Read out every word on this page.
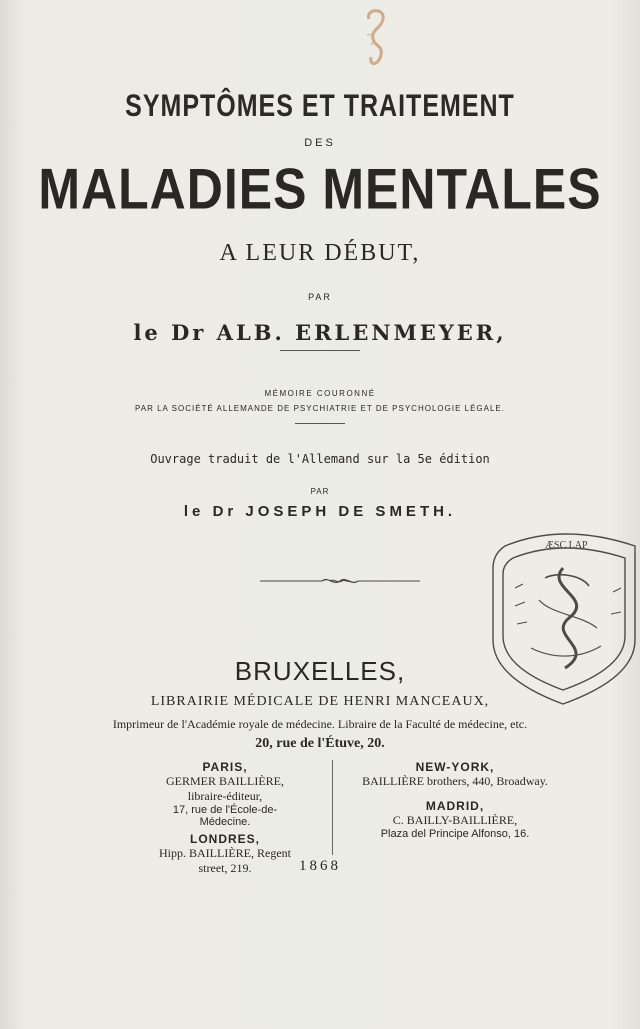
SYMPTÔMES ET TRAITEMENT
DES
MALADIES MENTALES
A LEUR DÉBUT,
PAR
le Dr ALB. ERLENMEYER,
MÉMOIRE COURONNÉ
PAR LA SOCIÉTÉ ALLEMANDE DE PSYCHIATRIE ET DE PSYCHOLOGIE LÉGALE.
Ouvrage traduit de l'Allemand sur la 5e édition
PAR
le Dr JOSEPH DE SMETH.
BRUXELLES,
LIBRAIRIE MÉDICALE DE HENRI MANCEAUX,
Imprimeur de l'Académie royale de médecine. Libraire de la Faculté de médecine, etc.
20, rue de l'Étuve, 20.
PARIS,
GERMER BAILLIÈRE, libraire-éditeur,
17, rue de l'École-de-Médecine.
LONDRES,
Hipp. BAILLIÈRE, Regent street, 219.
NEW-YORK,
BAILLIÈRE brothers, 440, Broadway.
MADRID,
C. BAILLY-BAILLIÈRE,
Plaza del Principe Alfonso, 16.
1868
ÆSC LAP
